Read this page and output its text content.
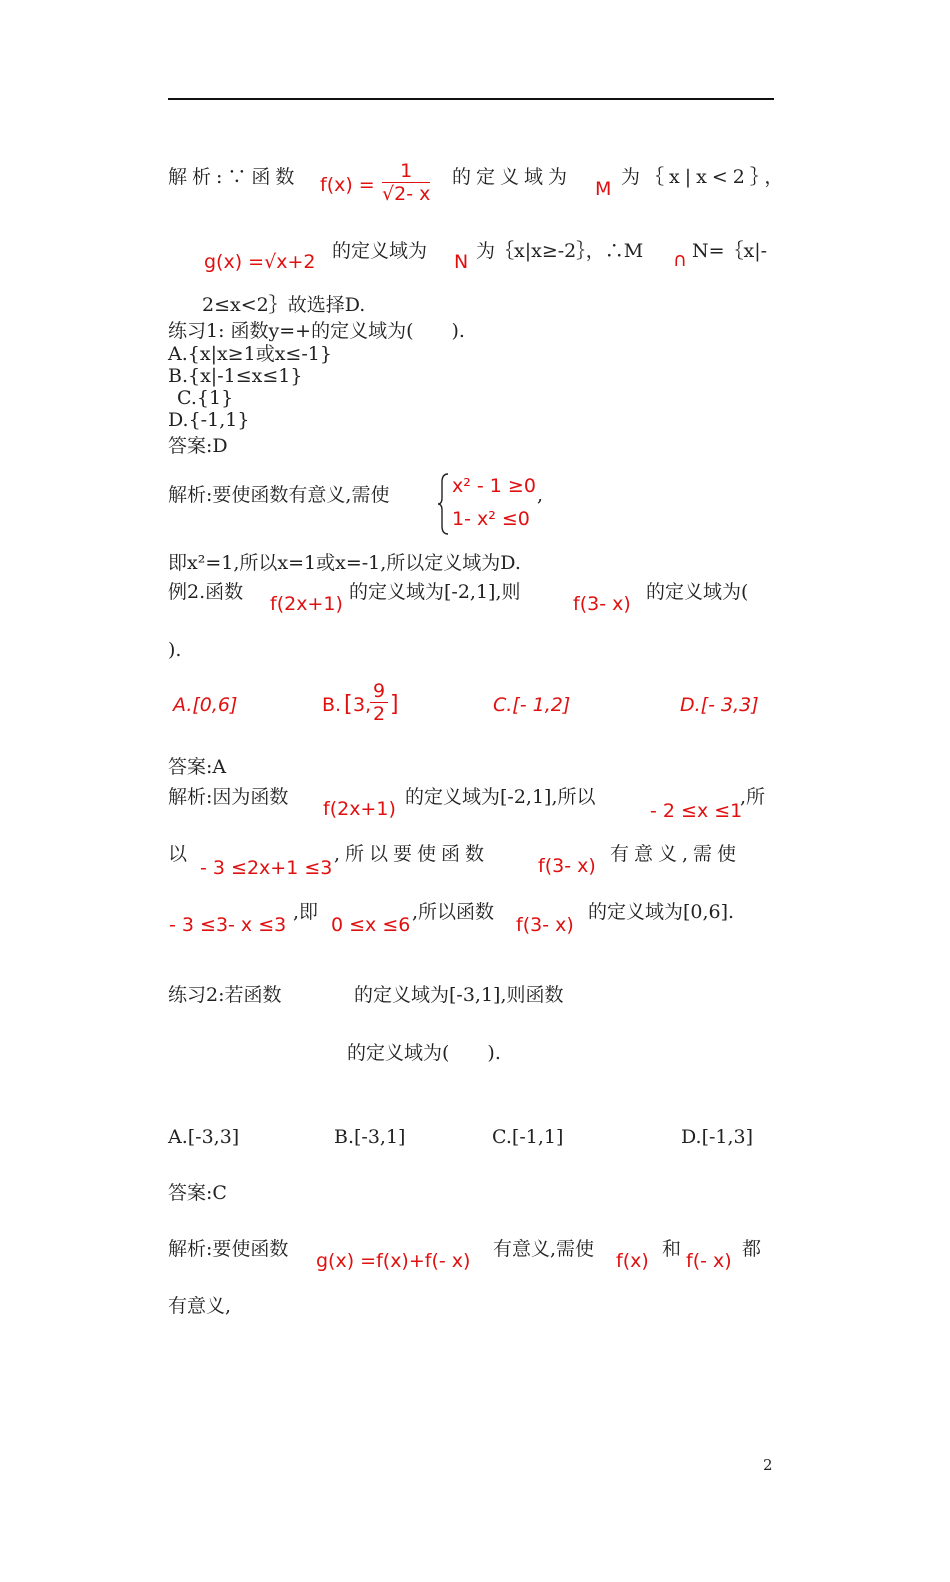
解析:∵函数 $f(x) = \frac{1}{√2- x}$ 的定义域为
M
为｛x|x<2｝，
g(x) =√x+2 的定义域为 N 为｛x|x≥-2｝，∴M ∩ N=｛x|-
2≤x<2｝故选择D.
练习1: 函数y=+的定义域为(　　).
A.{x|x≥1或x≤-1}
B.{x|-1≤x≤1}
C.{1}
D.{-1,1}
答案:D
解析:要使函数有意义,需使	x² - 1 ≥0
1- x² ≤0
,
即x²=1,所以x=1或x=-1,所以定义域为D.
例2.函数
f(2x+1)
的定义域为[-2,1],则
f(3- x)
的定义域为(
).
A.[0,6]	B. [ 3,
$\frac{9}{2}$ ]	C.[- 1,2]	D.[- 3,3]
答案:A
解析:因为函数
f(2x+1)
的定义域为[-2,1],所以
- 2 ≤x ≤1
,所
以
- 3 ≤2x+1 ≤3
,所以要使函数
f(3- x)
有意义,需使
- 3 ≤3- x ≤3
,即
0 ≤x ≤6
,所以函数
f(3- x)
的定义域为[0,6].
练习2:若函数	的定义域为[-3,1],则函数
的定义域为(　　).
A.[-3,3]	B.[-3,1]	C.[-1,1]	D.[-1,3]
答案:C
解析:要使函数
g(x) =f(x)+f(- x)
有意义,需使
f(x)
和
f(- x)
都
有意义,
2
